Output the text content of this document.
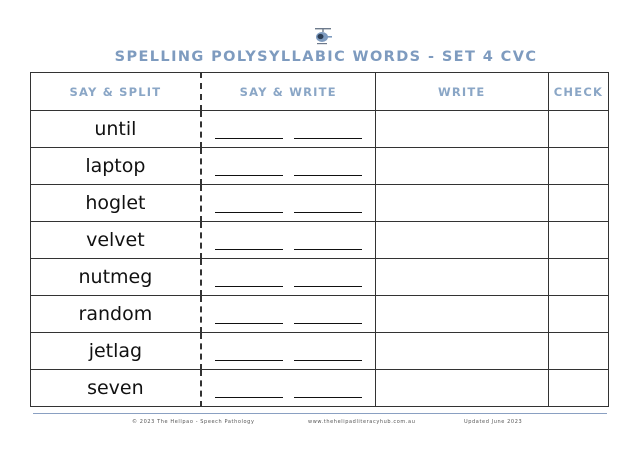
SPELLING POLYSYLLABIC WORDS - SET 4 CVC
SAY & SPLIT	SAY & WRITE	WRITE	CHECK
until	

laptop	

hoglet	

velvet	

nutmeg	

random	

jetlag	

seven	

© 2023 The Hellpao - Speech Pathology	www.thehelipadliteracyhub.com.au	Updated June 2023
